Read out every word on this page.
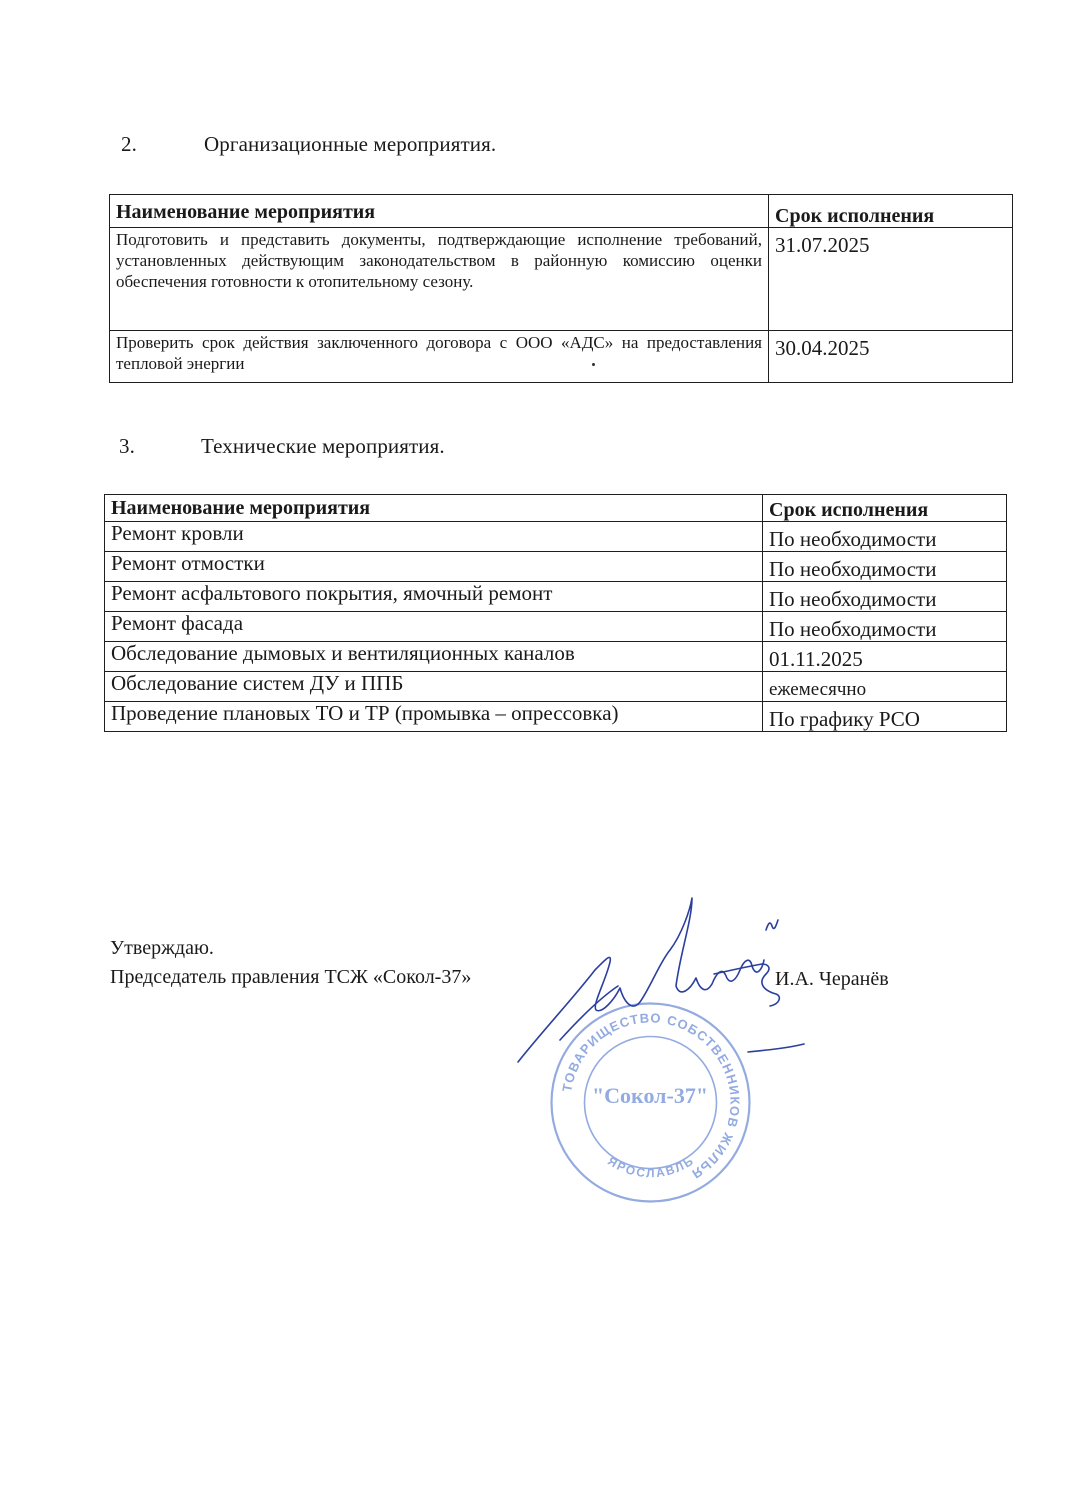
2.	Организационные мероприятия.
Наименование мероприятия	Срок исполнения
Подготовить и представить документы, подтверждающие исполнение требований, установленных действующим законодательством в районную комиссию оценки обеспечения готовности к отопительному сезону.	31.07.2025
Проверить срок действия заключенного договора с ООО «АДС» на предоставления тепловой энергии	30.04.2025
3.	Технические мероприятия.
Наименование мероприятия	Срок исполнения
Ремонт кровли	По необходимости
Ремонт отмостки	По необходимости
Ремонт асфальтового покрытия, ямочный ремонт	По необходимости
Ремонт фасада	По необходимости
Обследование дымовых и вентиляционных каналов	01.11.2025
Обследование систем ДУ и ППБ	ежемесячно
Проведение плановых ТО и ТР (промывка – опрессовка)	По графику РСО
Утверждаю.
Председатель правления ТСЖ «Сокол-37»	И.А. Черанёв
ТОВАРИЩЕСТВО СОБСТВЕННИКОВ ЖИЛЬЯ
ЯРОСЛАВЛЬ
"Сокол-37"
